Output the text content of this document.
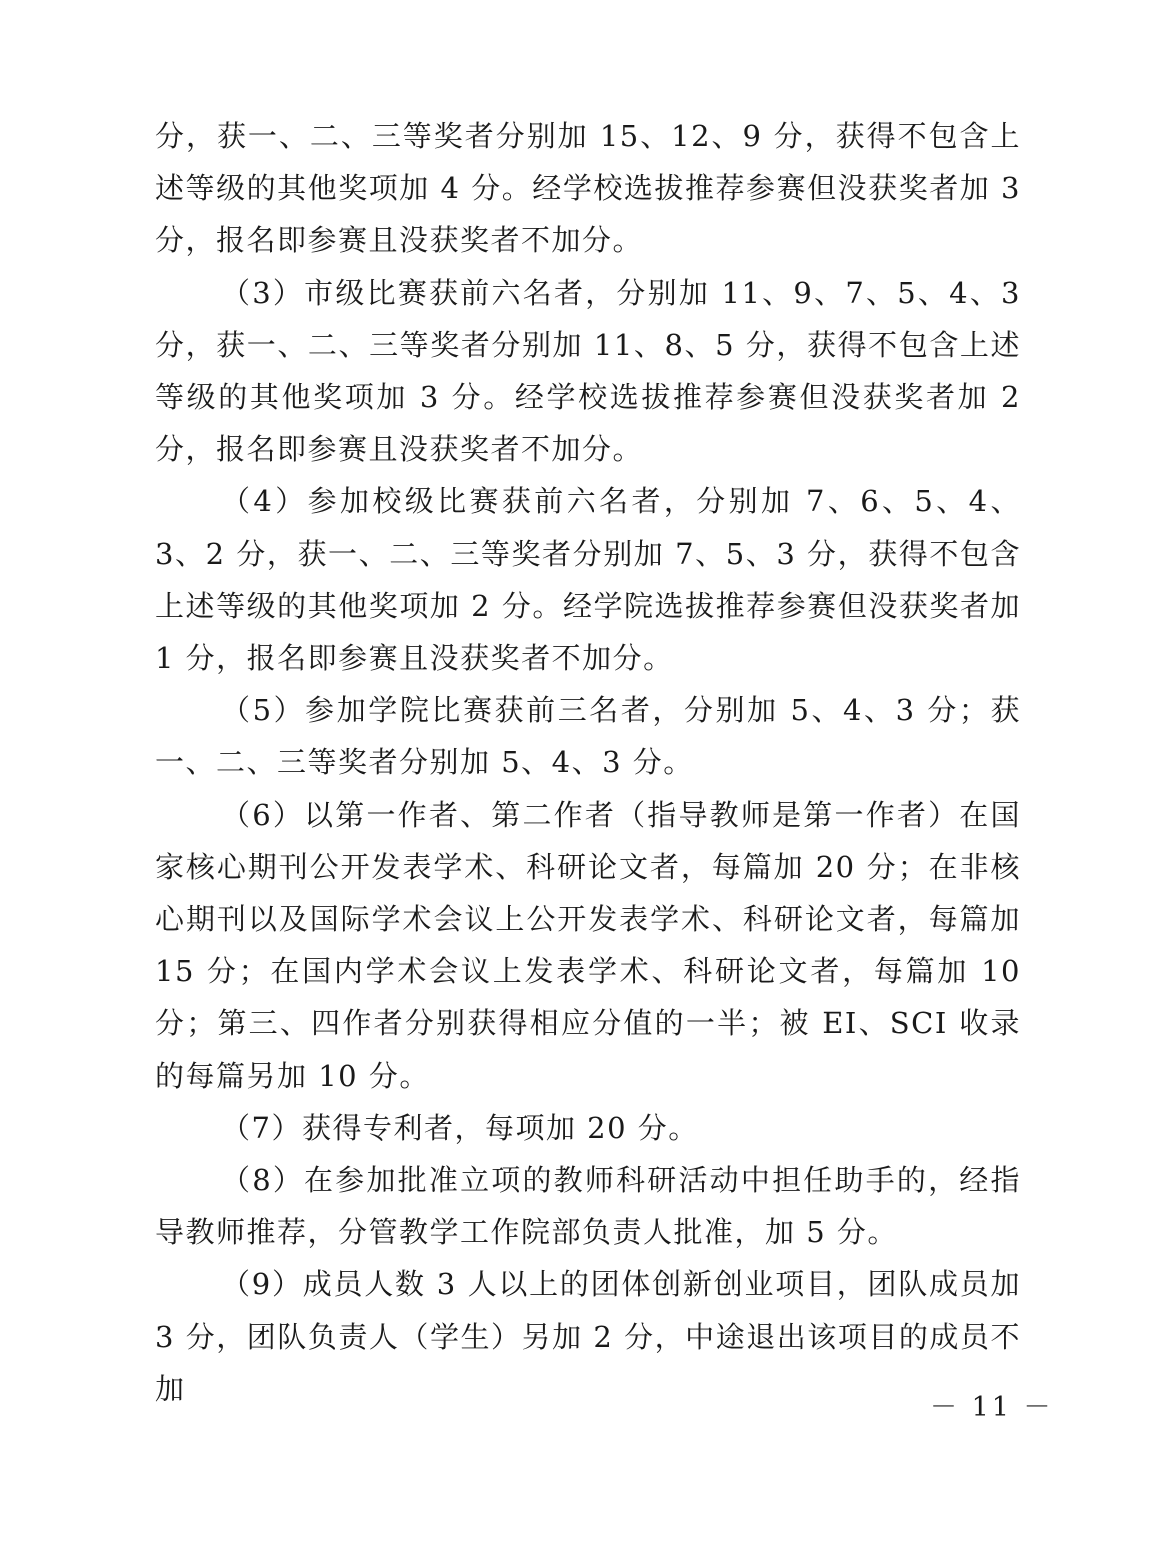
分，获一、二、三等奖者分别加 15、12、9 分，获得不包含上述等级的其他奖项加 4 分。经学校选拔推荐参赛但没获奖者加 3 分，报名即参赛且没获奖者不加分。

（3）市级比赛获前六名者，分别加 11、9、7、5、4、3 分，获一、二、三等奖者分别加 11、8、5 分，获得不包含上述等级的其他奖项加 3 分。经学校选拔推荐参赛但没获奖者加 2 分，报名即参赛且没获奖者不加分。

（4）参加校级比赛获前六名者，分别加 7、6、5、4、3、2 分，获一、二、三等奖者分别加 7、5、3 分，获得不包含上述等级的其他奖项加 2 分。经学院选拔推荐参赛但没获奖者加 1 分，报名即参赛且没获奖者不加分。

（5）参加学院比赛获前三名者，分别加 5、4、3 分；获一、二、三等奖者分别加 5、4、3 分。

（6）以第一作者、第二作者（指导教师是第一作者）在国家核心期刊公开发表学术、科研论文者，每篇加 20 分；在非核心期刊以及国际学术会议上公开发表学术、科研论文者，每篇加 15 分；在国内学术会议上发表学术、科研论文者，每篇加 10 分；第三、四作者分别获得相应分值的一半；被 EI、SCI 收录的每篇另加 10 分。

（7）获得专利者，每项加 20 分。

（8）在参加批准立项的教师科研活动中担任助手的，经指导教师推荐，分管教学工作院部负责人批准，加 5 分。

（9）成员人数 3 人以上的团体创新创业项目，团队成员加 3 分，团队负责人（学生）另加 2 分，中途退出该项目的成员不加

－ 11 －
